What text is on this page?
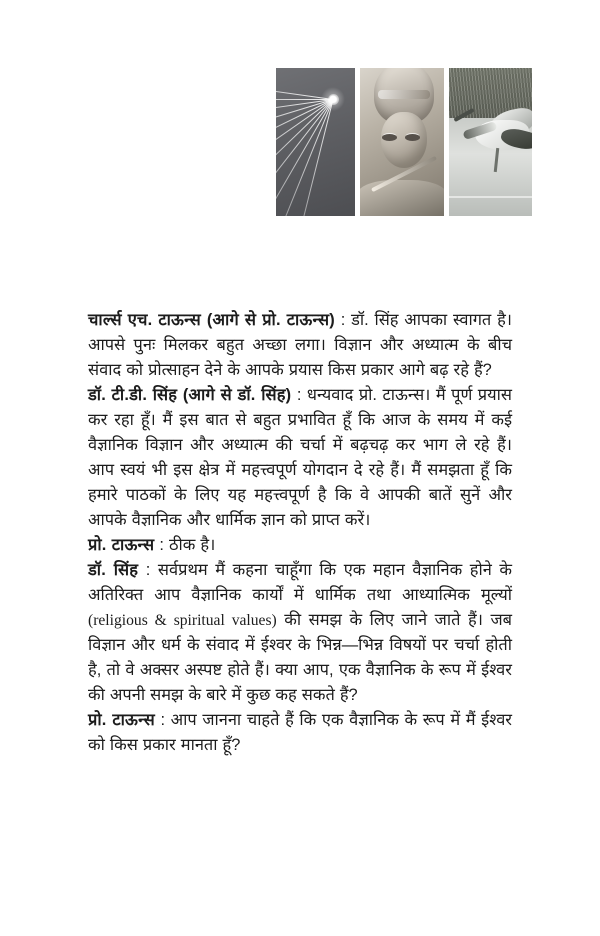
चार्ल्स एच. टाऊन्स (आगे से प्रो. टाऊन्स) : डॉ. सिंह आपका स्वागत है। आपसे पुनः मिलकर बहुत अच्छा लगा। विज्ञान और अध्यात्म के बीच संवाद को प्रोत्साहन देने के आपके प्रयास किस प्रकार आगे बढ़ रहे हैं?

डॉ. टी.डी. सिंह (आगे से डॉ. सिंह) : धन्यवाद प्रो. टाऊन्स। मैं पूर्ण प्रयास कर रहा हूँ। मैं इस बात से बहुत प्रभावित हूँ कि आज के समय में कई वैज्ञानिक विज्ञान और अध्यात्म की चर्चा में बढ़चढ़ कर भाग ले रहे हैं। आप स्वयं भी इस क्षेत्र में महत्त्वपूर्ण योगदान दे रहे हैं। मैं समझता हूँ कि हमारे पाठकों के लिए यह महत्त्वपूर्ण है कि वे आपकी बातें सुनें और आपके वैज्ञानिक और धार्मिक ज्ञान को प्राप्त करें।

प्रो. टाऊन्स : ठीक है।

डॉ. सिंह : सर्वप्रथम मैं कहना चाहूँगा कि एक महान वैज्ञानिक होने के अतिरिक्त आप वैज्ञानिक कार्यों में धार्मिक तथा आध्यात्मिक मूल्यों (religious & spiritual values) की समझ के लिए जाने जाते हैं। जब विज्ञान और धर्म के संवाद में ईश्वर के भिन्न—भिन्न विषयों पर चर्चा होती है, तो वे अक्सर अस्पष्ट होते हैं। क्या आप, एक वैज्ञानिक के रूप में ईश्वर की अपनी समझ के बारे में कुछ कह सकते हैं?

प्रो. टाऊन्स : आप जानना चाहते हैं कि एक वैज्ञानिक के रूप में मैं ईश्वर को किस प्रकार मानता हूँ?
